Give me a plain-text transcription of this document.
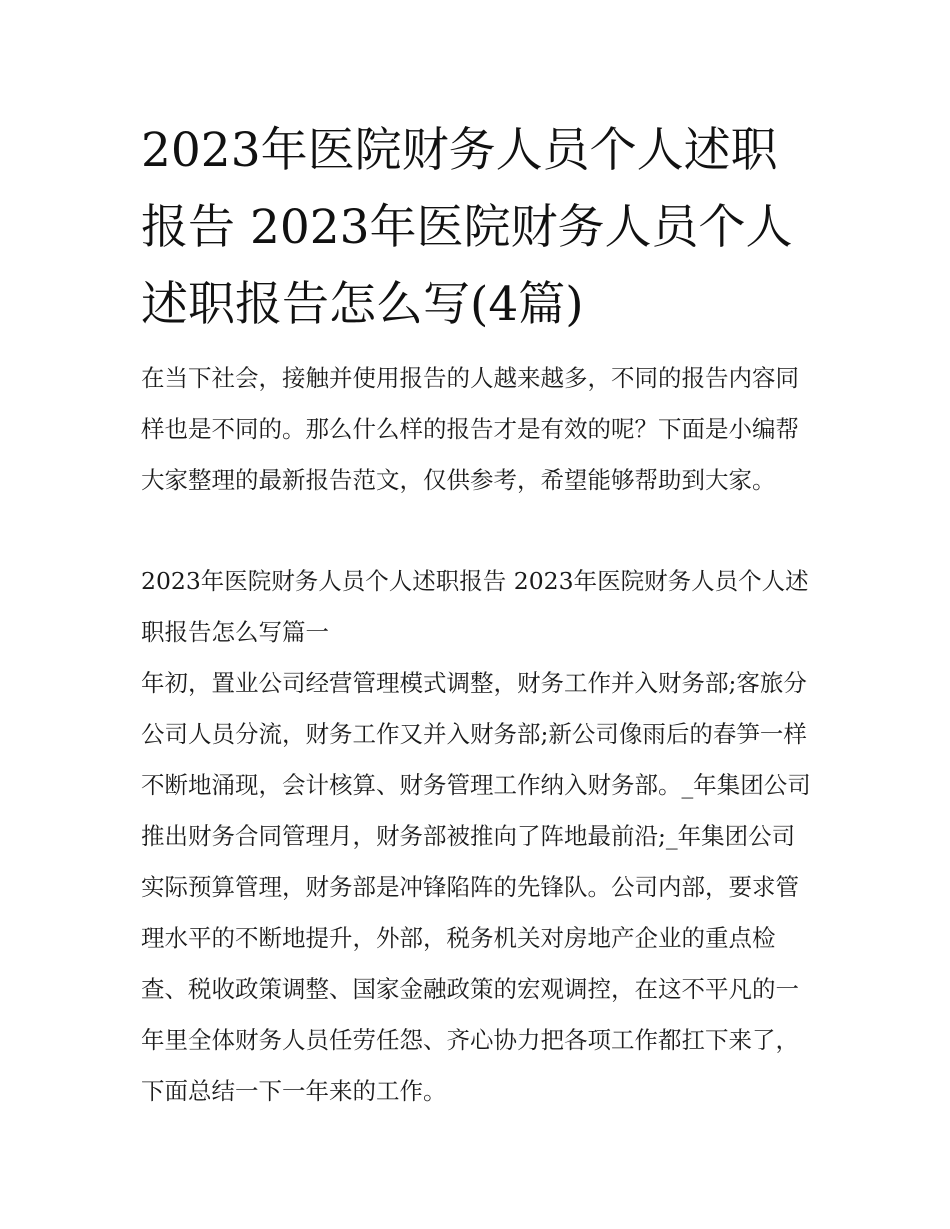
2023年医院财务人员个人述职报告 2023年医院财务人员个人述职报告怎么写(4篇)

在当下社会，接触并使用报告的人越来越多，不同的报告内容同样也是不同的。那么什么样的报告才是有效的呢？下面是小编帮大家整理的最新报告范文，仅供参考，希望能够帮助到大家。

2023年医院财务人员个人述职报告 2023年医院财务人员个人述职报告怎么写篇一

年初，置业公司经营管理模式调整，财务工作并入财务部;客旅分公司人员分流，财务工作又并入财务部;新公司像雨后的春笋一样不断地涌现，会计核算、财务管理工作纳入财务部。_年集团公司推出财务合同管理月，财务部被推向了阵地最前沿;_年集团公司实际预算管理，财务部是冲锋陷阵的先锋队。公司内部，要求管理水平的不断地提升，外部，税务机关对房地产企业的重点检查、税收政策调整、国家金融政策的宏观调控，在这不平凡的一年里全体财务人员任劳任怨、齐心协力把各项工作都扛下来了，下面总结一下一年来的工作。
